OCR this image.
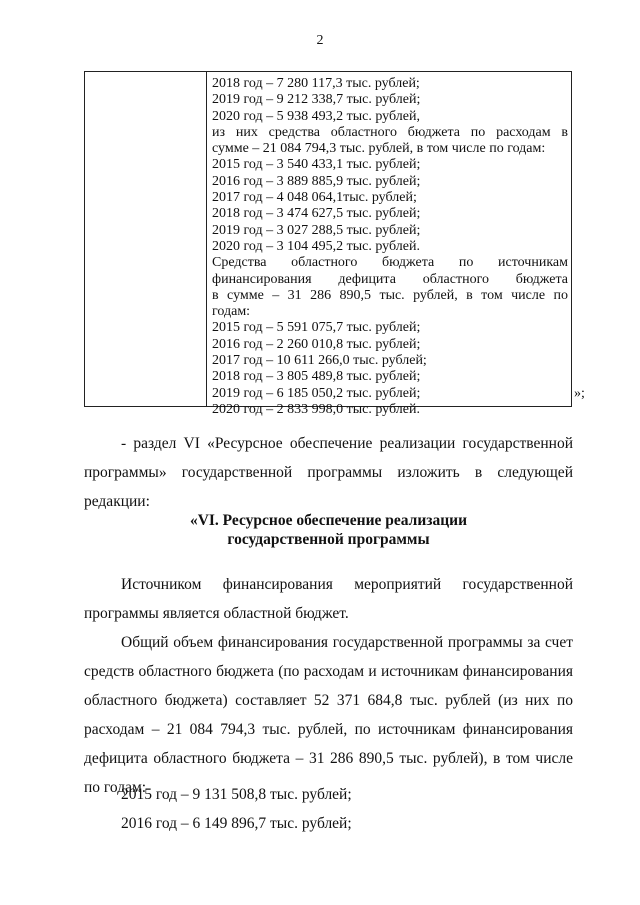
2
2018 год – 7 280 117,3 тыс. рублей;
2019 год – 9 212 338,7 тыс. рублей;
2020 год – 5 938 493,2 тыс. рублей,
из них средства областного бюджета по расходам в
сумме – 21 084 794,3 тыс. рублей, в том числе по годам:
2015 год – 3 540 433,1 тыс. рублей;
2016 год – 3 889 885,9 тыс. рублей;
2017 год – 4 048 064,1тыс. рублей;
2018 год – 3 474 627,5 тыс. рублей;
2019 год – 3 027 288,5 тыс. рублей;
2020 год – 3 104 495,2 тыс. рублей.
Средства областного бюджета по источникам
финансирования дефицита областного бюджета
в сумме – 31 286 890,5 тыс. рублей, в том числе по
годам:
2015 год – 5 591 075,7 тыс. рублей;
2016 год – 2 260 010,8 тыс. рублей;
2017 год – 10 611 266,0 тыс. рублей;
2018 год – 3 805 489,8 тыс. рублей;
2019 год – 6 185 050,2 тыс. рублей;
2020 год – 2 833 998,0 тыс. рублей.
»;
- раздел VI «Ресурсное обеспечение реализации государственной программы» государственной программы изложить в следующей редакции:
«VI. Ресурсное обеспечение реализации
государственной программы
Источником финансирования мероприятий государственной программы является областной бюджет.
Общий объем финансирования государственной программы за счет средств областного бюджета (по расходам и источникам финансирования областного бюджета) составляет 52 371 684,8 тыс. рублей (из них по расходам – 21 084 794,3 тыс. рублей, по источникам финансирования дефицита областного бюджета – 31 286 890,5 тыс. рублей), в том числе по годам:
2015 год – 9 131 508,8 тыс. рублей;
2016 год – 6 149 896,7 тыс. рублей;
